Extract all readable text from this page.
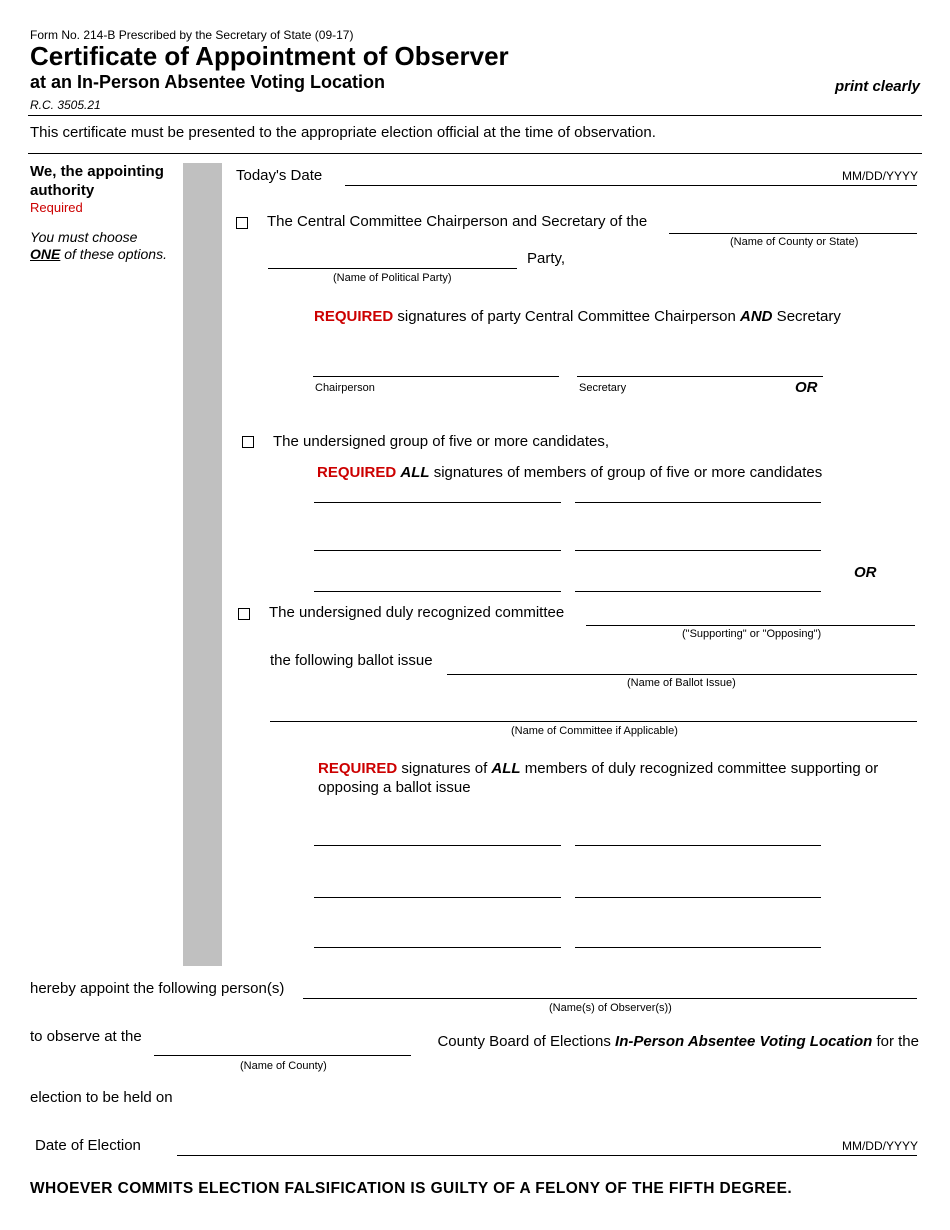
Form No. 214-B Prescribed by the Secretary of State (09-17)
Certificate of Appointment of Observer
at an In-Person Absentee Voting Location	print clearly
R.C. 3505.21
This certificate must be presented to the appropriate election official at the time of observation.
We, the appointing
authority
Required
You must choose
ONE of these options.
Today's Date	MM/DD/YYYY
The Central Committee Chairperson and Secretary of the
(Name of County or State)
Party,
(Name of Political Party)
REQUIRED signatures of party Central Committee Chairperson AND Secretary
Chairperson	Secretary	OR
The undersigned group of five or more candidates,
REQUIRED ALL signatures of members of group of five or more candidates
OR
The undersigned duly recognized committee
("Supporting" or "Opposing")
the following ballot issue
(Name of Ballot Issue)
(Name of Committee if Applicable)
REQUIRED signatures of ALL members of duly recognized committee supporting or
opposing a ballot issue
hereby appoint the following person(s)
(Name(s) of Observer(s))
to observe at the
(Name of County)
County Board of Elections In-Person Absentee Voting Location for the
election to be held on
Date of Election	MM/DD/YYYY
WHOEVER COMMITS ELECTION FALSIFICATION IS GUILTY OF A FELONY OF THE FIFTH DEGREE.
